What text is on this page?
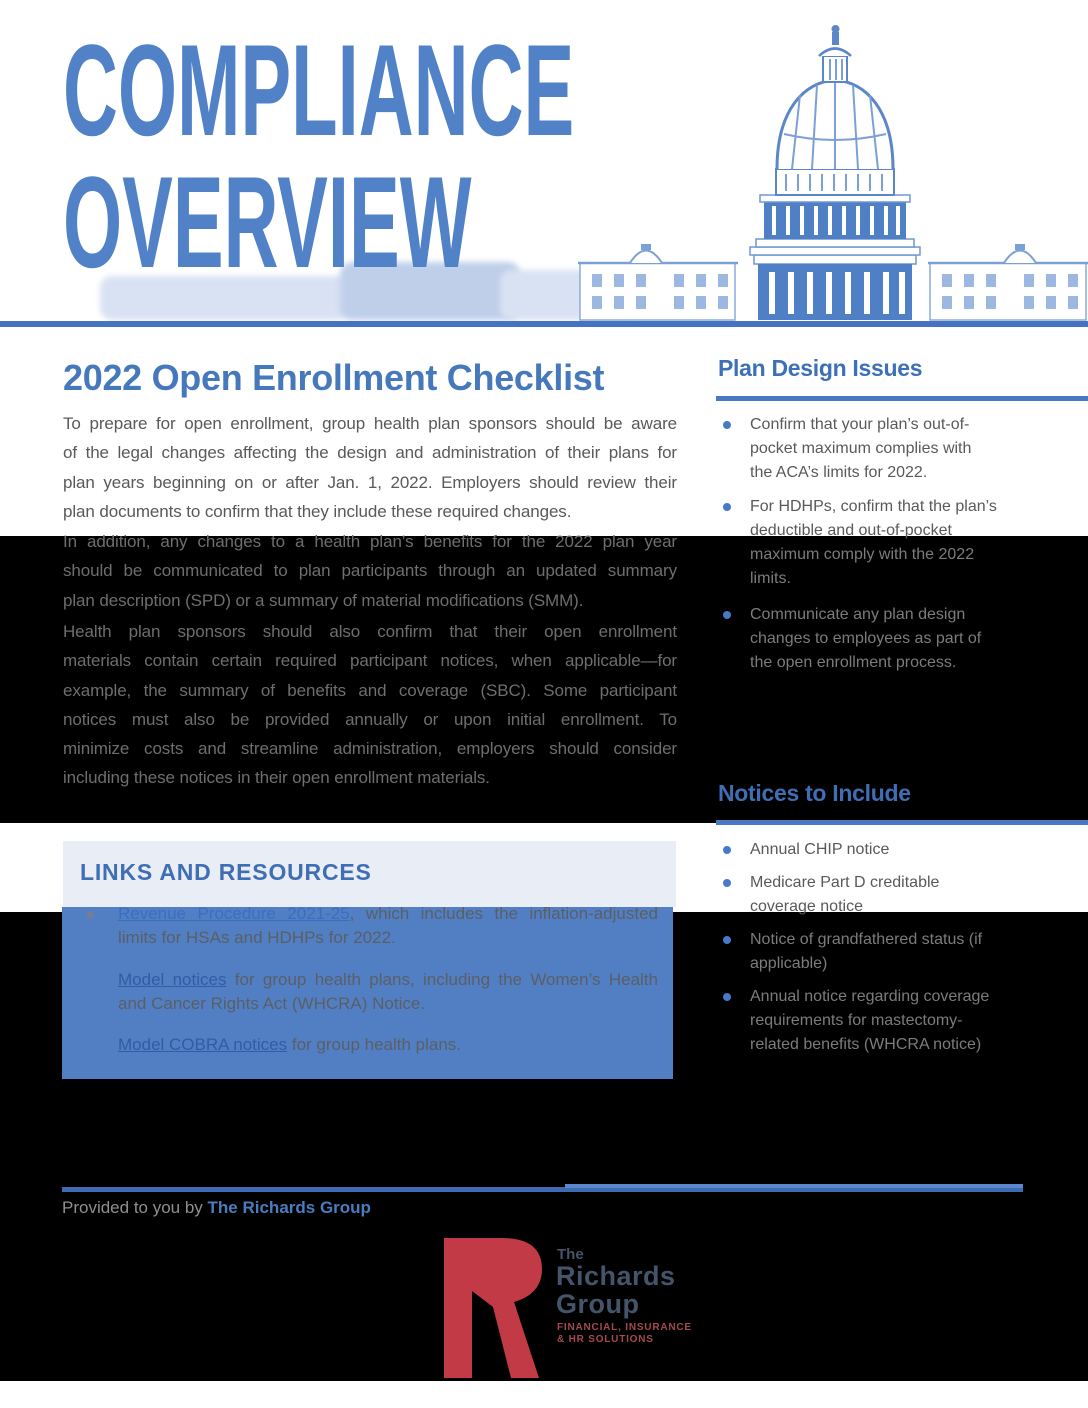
COMPLIANCE
OVERVIEW
2022 Open Enrollment Checklist
To prepare for open enrollment, group health plan sponsors should be aware
of the legal changes affecting the design and administration of their plans for
plan years beginning on or after Jan. 1, 2022. Employers should review their
plan documents to confirm that they include these required changes.
In addition, any changes to a health plan’s benefits for the 2022 plan year
should be communicated to plan participants through an updated summary
plan description (SPD) or a summary of material modifications (SMM).
Health plan sponsors should also confirm that their open enrollment
materials contain certain required participant notices, when applicable—for
example, the summary of benefits and coverage (SBC). Some participant
notices must also be provided annually or upon initial enrollment. To
minimize costs and streamline administration, employers should consider
including these notices in their open enrollment materials.
LINKS AND RESOURCES
Revenue Procedure 2021-25, which includes the inflation-adjusted
limits for HSAs and HDHPs for 2022.
Model notices for group health plans, including the Women’s Health
and Cancer Rights Act (WHCRA) Notice.
Model COBRA notices for group health plans.
Plan Design Issues
Confirm that your plan’s out-of-
pocket maximum complies with
the ACA’s limits for 2022.
For HDHPs, confirm that the plan’s
deductible and out-of-pocket
maximum comply with the 2022
limits.
Communicate any plan design
changes to employees as part of
the open enrollment process.
Notices to Include
Annual CHIP notice
Medicare Part D creditable
coverage notice
Notice of grandfathered status (if
applicable)
Annual notice regarding coverage
requirements for mastectomy-
related benefits (WHCRA notice)
Provided to you by The Richards Group
The
Richards
Group
FINANCIAL, INSURANCE
& HR SOLUTIONS
